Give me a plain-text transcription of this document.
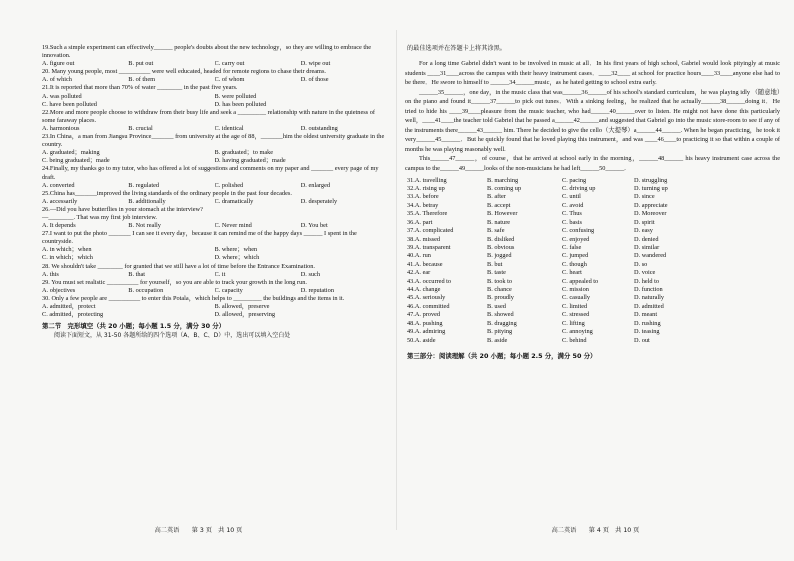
19.Such a simple experiment can effectively______ people's doubts about the new technology，so they are willing to embrace the innovation.

A. figure out	B. put out	C. carry out	D. wipe out

20. Many young people, most __________ were well educated, headed for remote regions to chase their dreams.

A. of which	B. of them	C. of whom	D. of those

21.It is reported that more than 70% of water ________ in the past five years.

A. was polluted	B. were polluted
C. have been polluted	D. has been polluted

22.More and more people choose to withdraw from their busy life and seek a _________ relationship with nature in the quietness of some faraway places.

A. harmonious	B. crucial	C. identical	D. outstanding

23.In China，a man from Jiangsu Province_______ from university at the age of 88，_______him the oldest university graduate in the country.

A. graduated；making	B. graduated；to make
C. being graduated；made	D. having graduated；made

24.Finally, my thanks go to my tutor, who has offered a lot of suggestions and comments on my paper and _______ every page of my draft.

A. converted	B. regulated	C. polished	D. enlarged

25.China has_______improved the living standards of the ordinary people in the past four decades.

A. accessarily	B. additionally	C. dramatically	D. desperately

26.—Did you have butterflies in your stomach at the interview?

—________. That was my first job interview.

A. It depends	B. Not really	C. Never mind	D. You bet

27.I want to put the photo _______ I can see it every day，because it can remind me of the happy days ______ I spent in the countryside.

A. in which；when	B. where；when
C. in which；which	D. where；which

28. We shouldn't take ________ for granted that we still have a lot of time before the Entrance Examination.

A. this	B. that	C. it	D. such

29. You must set realistic __________ for yourself，so you are able to track your growth in the long run.

A. objectives	B. occupation	C. capacity	D. reputation

30. Only a few people are __________ to enter this Potala，which helps to _________ the buildings and the items in it.

A. admitted，protect	B. allowed，preserve
C. admitted，protecting	D. allowed，preserving
第二节　完形填空（共 20 小题；每小题 1.5 分，满分 30 分）
阅读下面短文，从 31-50 各题所给的四个选项（A、B、C、D）中，选出可以填入空白处
高二英语　　第 3 页　共 10 页
的最佳选项并在答题卡上将其涂黑。

For a long time Gabriel didn't want to be involved in music at all．In his first years of high school, Gabriel would look pityingly at music students ____31____across the campus with their heavy instrument cases．____32____ at school for practice hours____33____anyone else had to be there．He swore to himself to ______34______music，as he hated getting to school extra early.

______35______，one day，in the music class that was______36______of his school's standard curriculum，he was playing idly （随意地）on the piano and found it______37______to pick out tunes．With a sinking feeling，he realized that he actually______38______doing it．He tried to hide his ____39____pleasure from the music teacher, who had______40______over to listen. He might not have done this particularly well，____41____the teacher told Gabriel that he passed a______42______and suggested that Gabriel go into the music store-room to see if any of the instruments there______43______ him. There he decided to give the cello（大提琴）a______44______. When he began practicing，he took it very______45______．But he quickly found that he loved playing this instrument，and was ____46____to practicing it so that within a couple of months he was playing reasonably well.

This______47______，of course，that he arrived at school early in the morning，______48______ his heavy instrument case across the campus to the______49______looks of the non-musicians he had left______50______.

31.A. travelling	B. marching	C. pacing	D. struggling
32.A. rising up	B. coming up	C. driving up	D. turning up
33.A. before	B. after	C. until	D. since
34.A. betray	B. accept	C. avoid	D. appreciate
35.A. Therefore	B. However	C. Thus	D. Moreover
36.A. part	B. nature	C. basis	D. spirit
37.A. complicated	B. safe	C. confusing	D. easy
38.A. missed	B. disliked	C. enjoyed	D. denied
39.A. transparent	B. obvious	C. false	D. similar
40.A. run	B. jogged	C. jumped	D. wandered
41.A. because	B. but	C. though	D. so
42.A. ear	B. taste	C. heart	D. voice
43.A. occurred to	B. took to	C. appealed to	D. held to
44.A. change	B. chance	C. mission	D. function
45.A. seriously	B. proudly	C. casually	D. naturally
46.A. committed	B. used	C. limited	D. admitted
47.A. proved	B. showed	C. stressed	D. meant
48.A. pushing	B. dragging	C. lifting	D. rushing
49.A. admiring	B. pitying	C. annoying	D. teasing
50.A. aside	B. aside	C. behind	D. out
第三部分：阅读理解（共 20 小题；每小题 2.5 分，满分 50 分）
高二英语　　第 4 页　共 10 页
